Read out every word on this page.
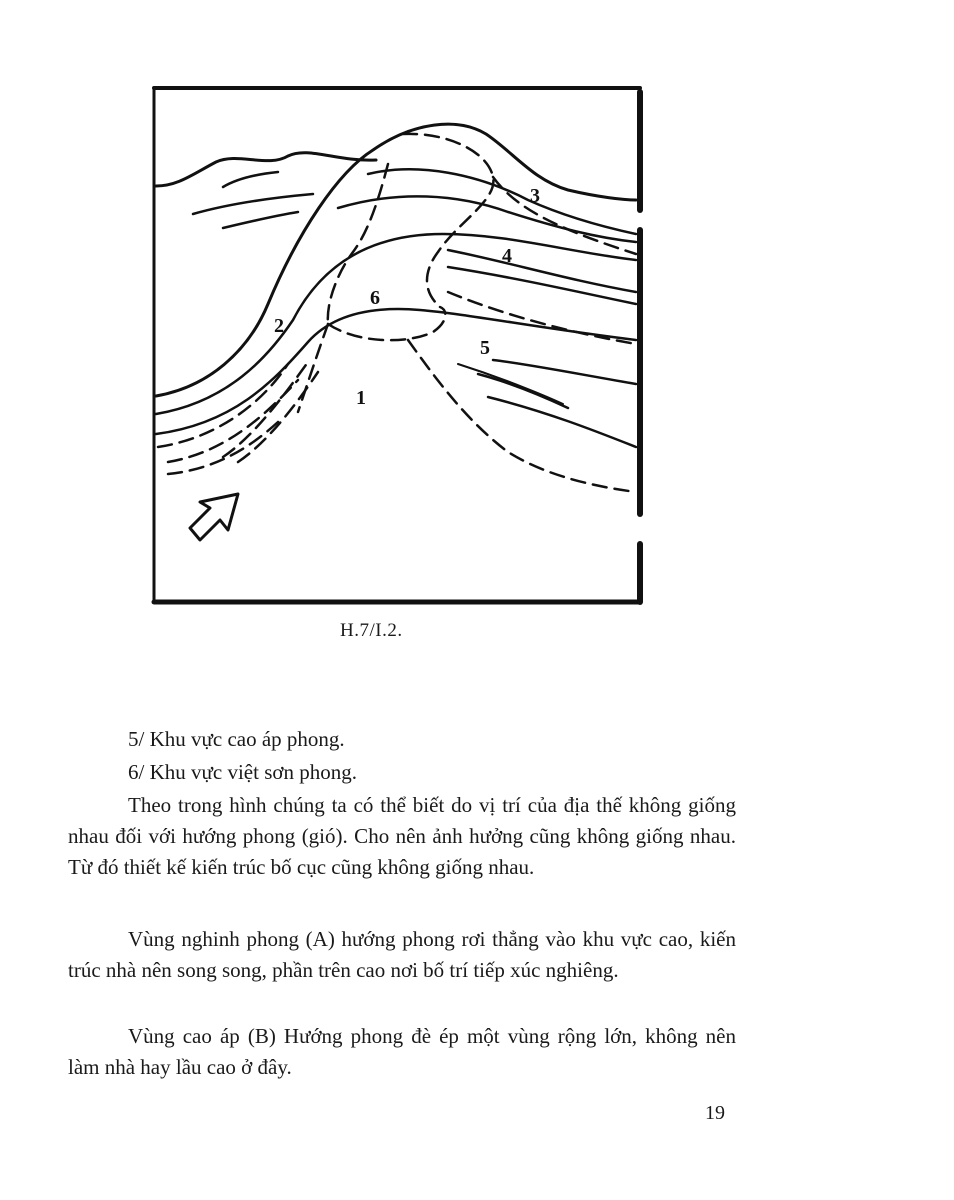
1
2
3
4
5
6
H.7/I.2.

5/ Khu vực cao áp phong.

6/ Khu vực việt sơn phong.

Theo trong hình chúng ta có thể biết do vị trí của địa thế không giống nhau đối với hướng phong (gió). Cho nên ảnh hưởng cũng không giống nhau. Từ đó thiết kế kiến trúc bố cục cũng không giống nhau.

Vùng nghinh phong (A) hướng phong rơi thẳng vào khu vực cao, kiến trúc nhà nên song song, phần trên cao nơi bố trí tiếp xúc nghiêng.

Vùng cao áp (B) Hướng phong đè ép một vùng rộng lớn, không nên làm nhà hay lầu cao ở đây.

19
